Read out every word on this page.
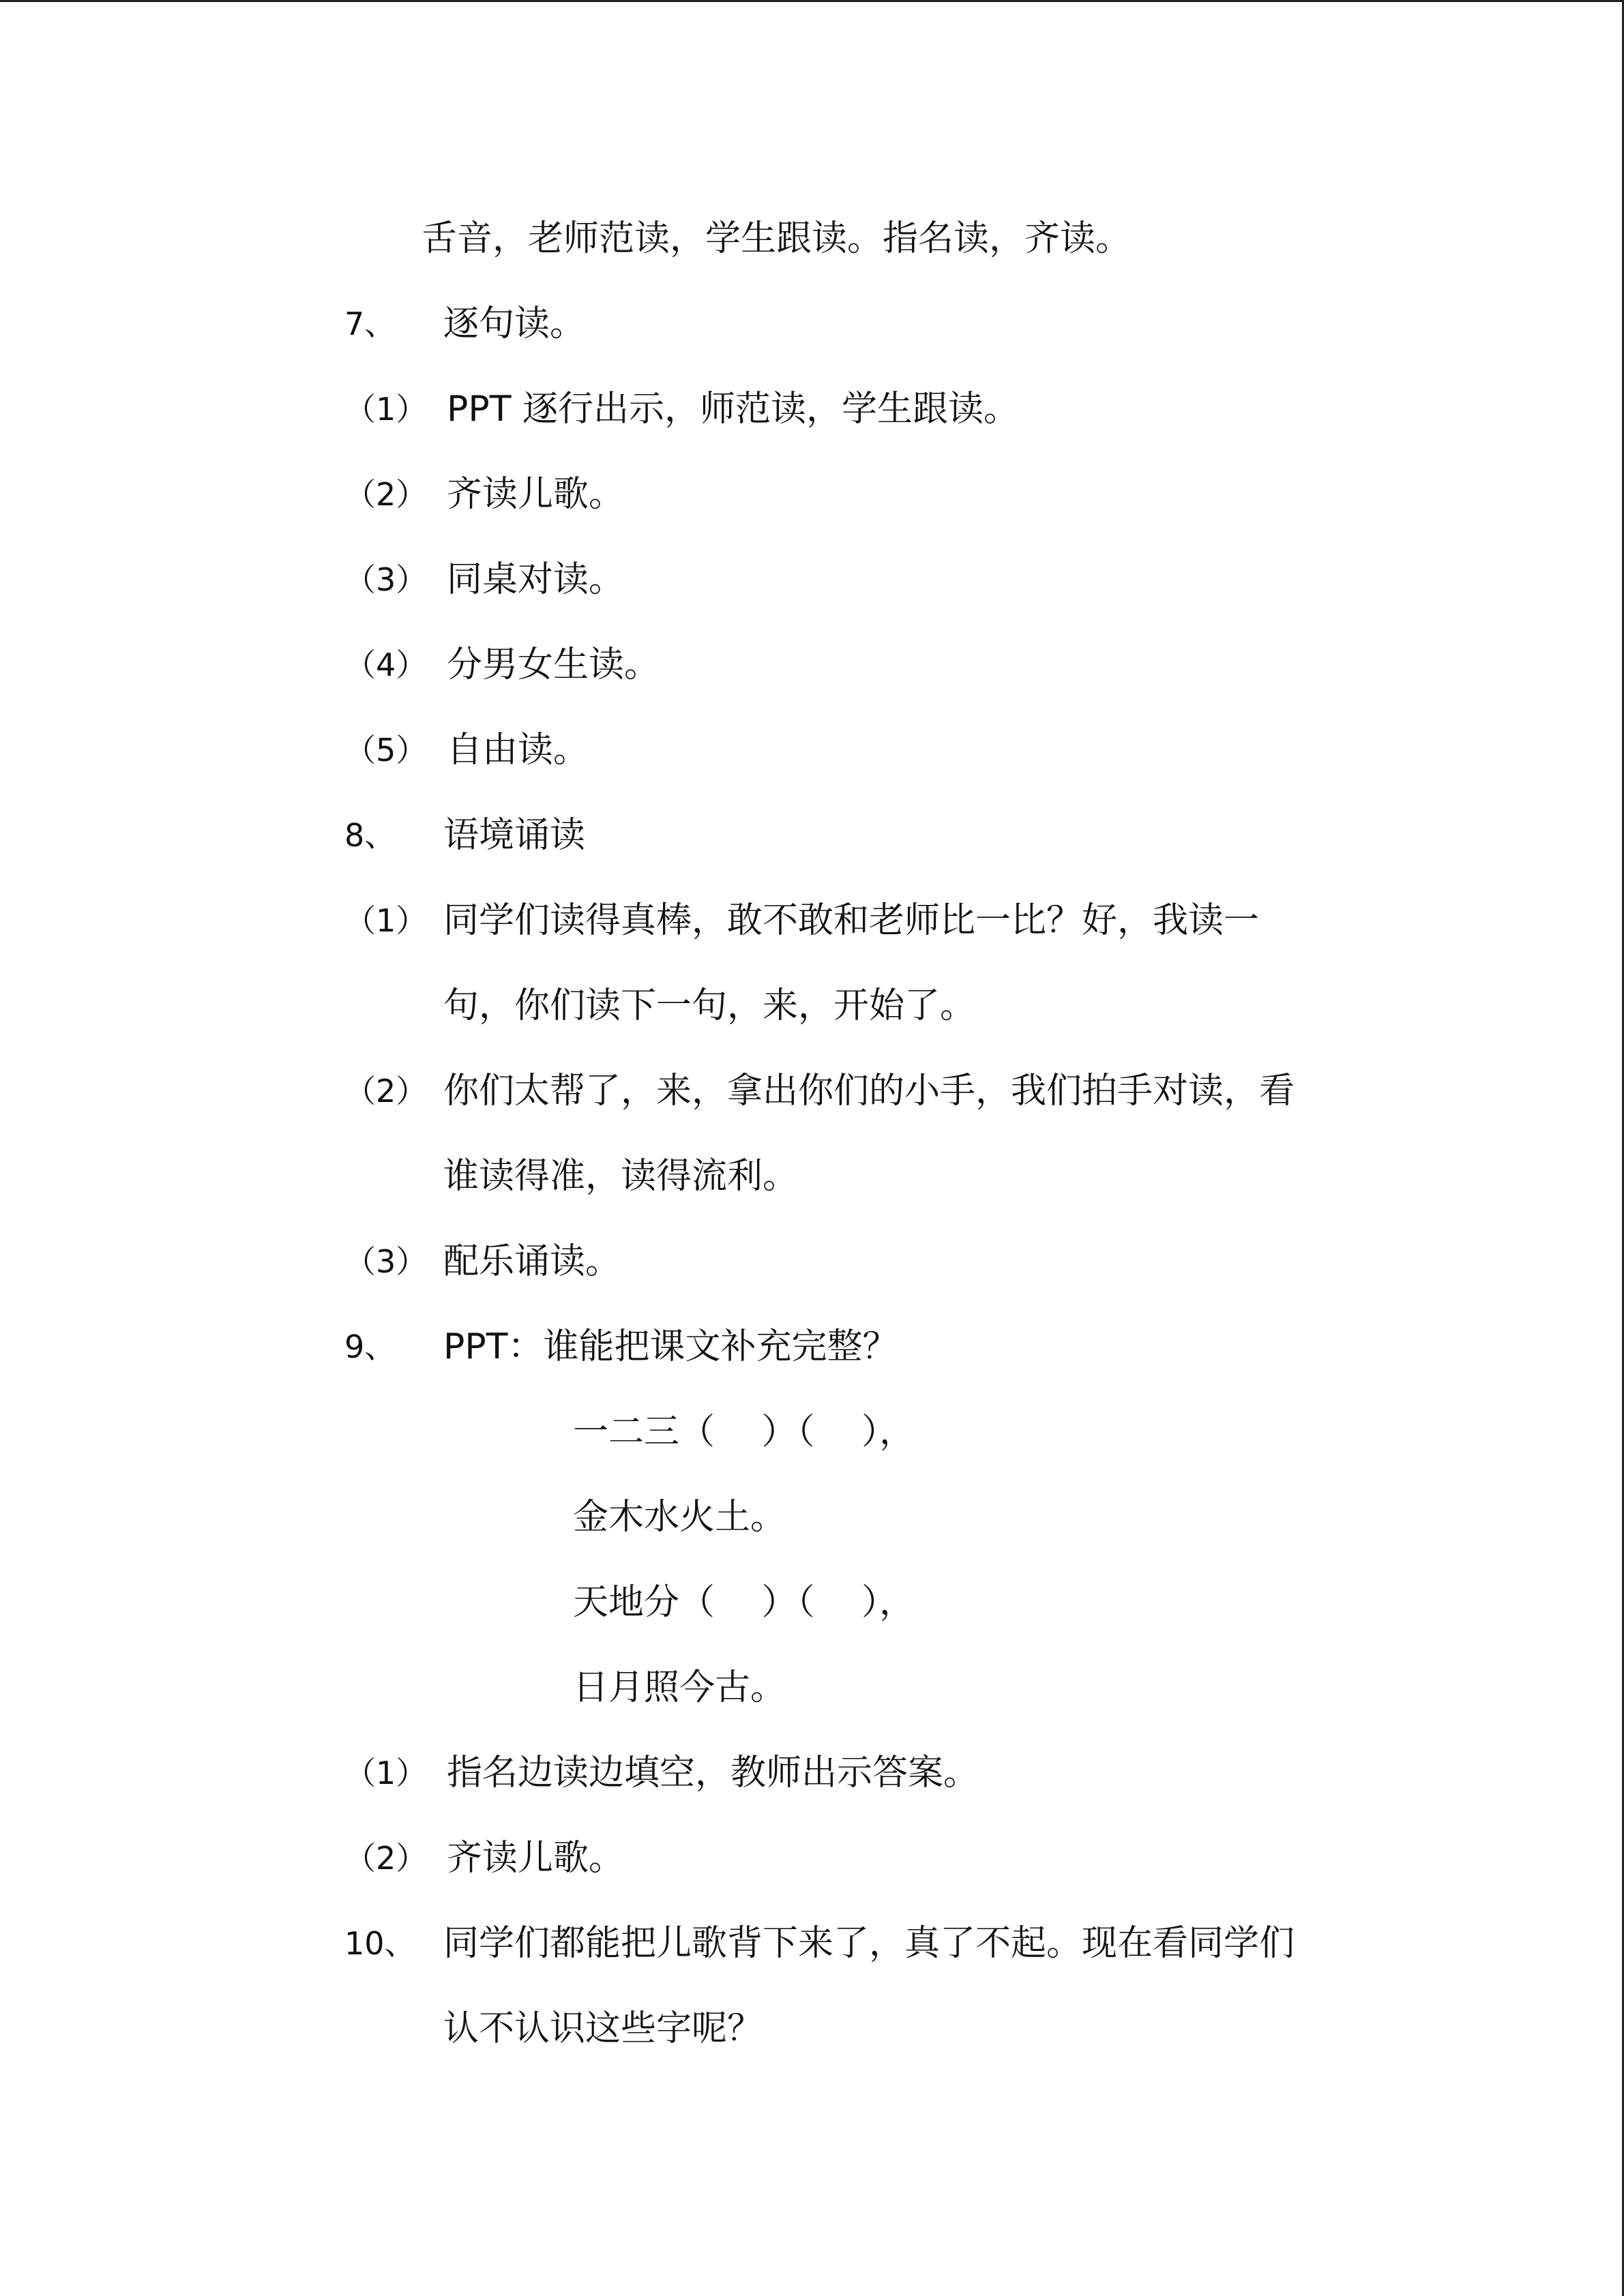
舌音，老师范读，学生跟读。指名读，齐读。
7、 逐句读。
（1） PPT 逐行出示，师范读，学生跟读。
（2） 齐读儿歌。
（3） 同桌对读。
（4） 分男女生读。
（5） 自由读。
8、 语境诵读
（1） 同学们读得真棒，敢不敢和老师比一比？好，我读一
句，你们读下一句，来，开始了。
（2） 你们太帮了，来，拿出你们的小手，我们拍手对读，看
谁读得准，读得流利。
（3） 配乐诵读。
9、 PPT：谁能把课文补充完整？
一二三（　 ）（　 ），
金木水火土。
天地分（　 ）（　 ），
日月照今古。
（1） 指名边读边填空，教师出示答案。
（2） 齐读儿歌。
10、 同学们都能把儿歌背下来了，真了不起。现在看同学们
认不认识这些字呢？
